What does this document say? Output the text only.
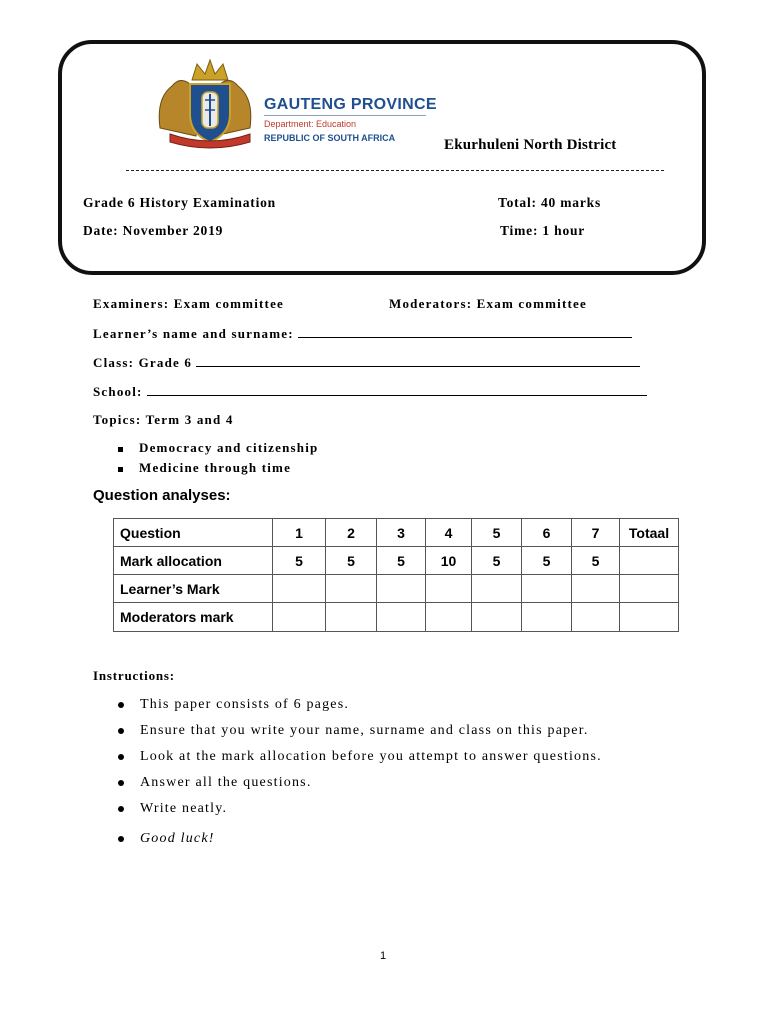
GAUTENG PROVINCE
Department: Education
REPUBLIC OF SOUTH AFRICA	Ekurhuleni North District
Grade 6 History Examination	Total: 40 marks
Date: November 2019	Time: 1 hour
Examiners: Exam committee	Moderators: Exam committee
Learner’s name and surname:
Class: Grade 6
School:
Topics: Term 3 and 4
Democracy and citizenship
Medicine through time
Question analyses:
Question	1	2	3	4	5	6	7	Totaal
Mark allocation	5	5	5	10	5	5	5	
Learner’s Mark								
Moderators mark								
Instructions:
This paper consists of 6 pages.
Ensure that you write your name, surname and class on this paper.
Look at the mark allocation before you attempt to answer questions.
Answer all the questions.
Write neatly.
Good luck!
1
